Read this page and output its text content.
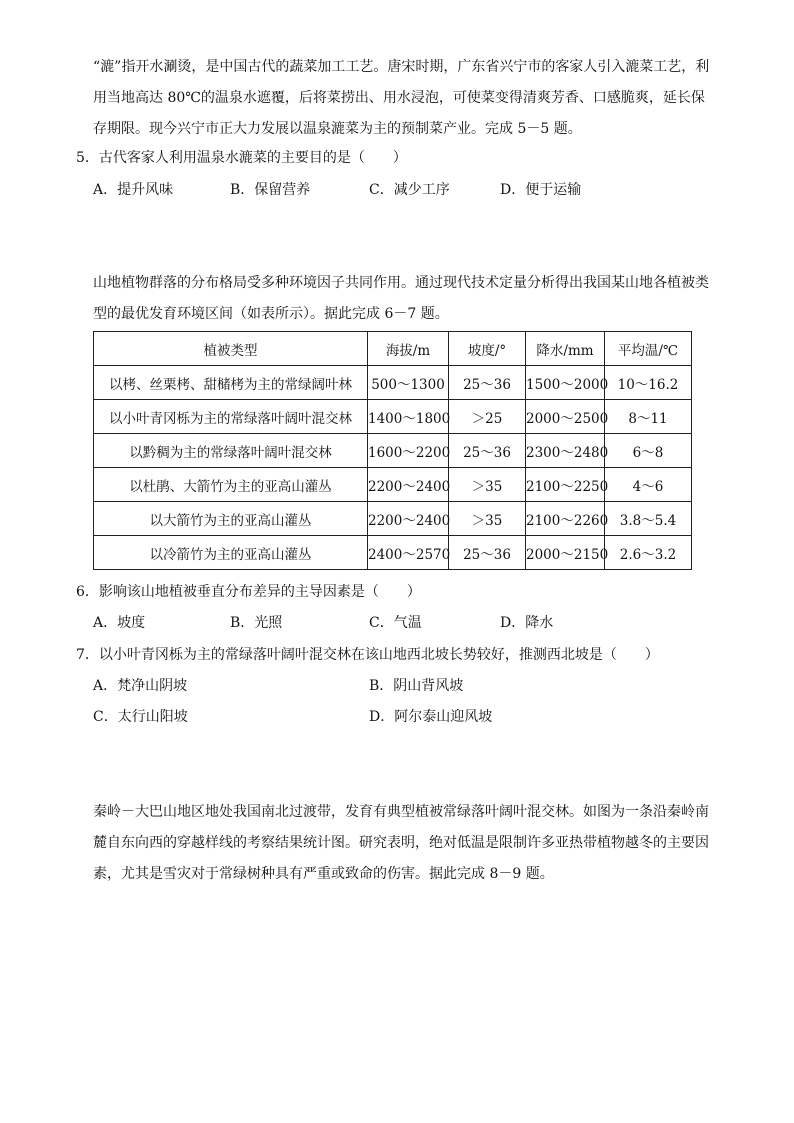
“漉”指开水涮烫，是中国古代的蔬菜加工工艺。唐宋时期，广东省兴宁市的客家人引入漉菜工艺，利用当地高达 80℃的温泉水遮覆，后将菜捞出、用水浸泡，可使菜变得清爽芳香、口感脆爽，延长保存期限。现今兴宁市正大力发展以温泉漉菜为主的预制菜产业。完成 5－5 题。

5．古代客家人利用温泉水漉菜的主要目的是（　　）

A．提升风味	B．保留营养	C．减少工序	D．便于运输

山地植物群落的分布格局受多种环境因子共同作用。通过现代技术定量分析得出我国某山地各植被类型的最优发育环境区间（如表所示）。据此完成 6－7 题。

植被类型	海拔/m	坡度/°	降水/mm	平均温/℃
以栲、丝栗栲、甜槠栲为主的常绿阔叶林	500～1300	25～36	1500～2000	10～16.2
以小叶青冈栎为主的常绿落叶阔叶混交林	1400～1800	＞25	2000～2500	8～11
以黔稠为主的常绿落叶阔叶混交林	1600～2200	25～36	2300～2480	6～8
以杜鹃、大箭竹为主的亚高山灌丛	2200～2400	＞35	2100～2250	4～6
以大箭竹为主的亚高山灌丛	2200～2400	＞35	2100～2260	3.8～5.4
以冷箭竹为主的亚高山灌丛	2400～2570	25～36	2000～2150	2.6～3.2

6．影响该山地植被垂直分布差异的主导因素是（　　）

A．坡度	B．光照	C．气温	D．降水

7．以小叶青冈栎为主的常绿落叶阔叶混交林在该山地西北坡长势较好，推测西北坡是（　　）

A．梵净山阴坡	B．阴山背风坡
C．太行山阳坡	D．阿尔泰山迎风坡

秦岭－大巴山地区地处我国南北过渡带，发育有典型植被常绿落叶阔叶混交林。如图为一条沿秦岭南麓自东向西的穿越样线的考察结果统计图。研究表明，绝对低温是限制许多亚热带植物越冬的主要因素，尤其是雪灾对于常绿树种具有严重或致命的伤害。据此完成 8－9 题。
